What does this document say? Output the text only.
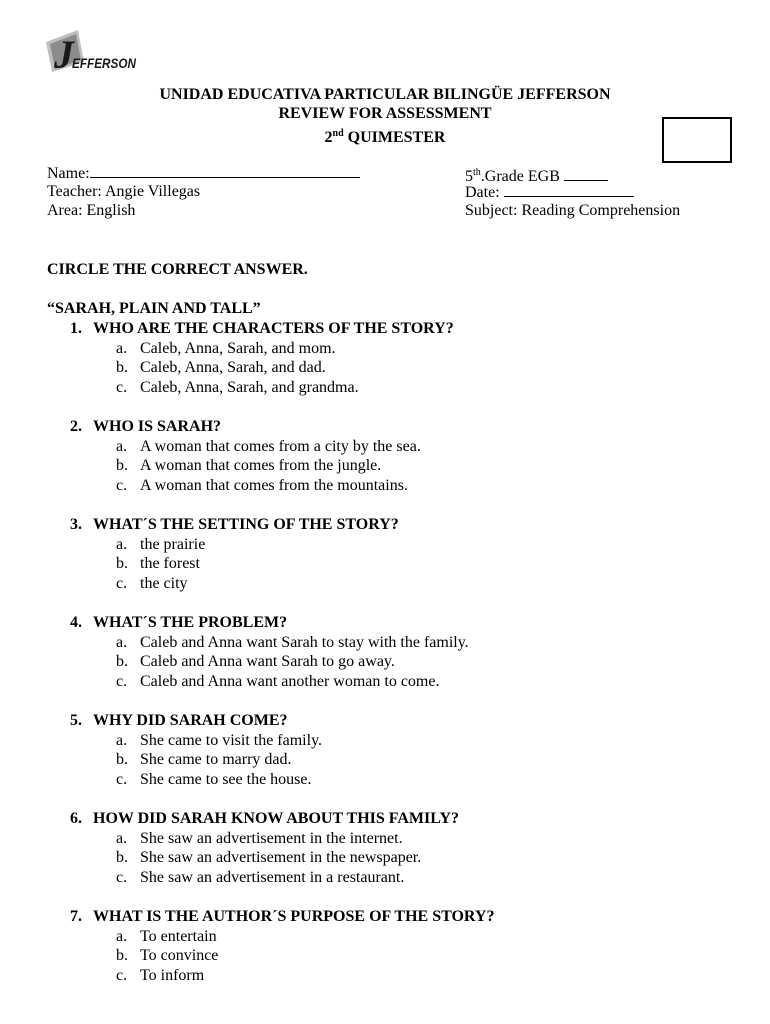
J
EFFERSON
UNIDAD EDUCATIVA PARTICULAR BILINGÜE JEFFERSON
REVIEW FOR ASSESSMENT
2nd QUIMESTER
Name:
Teacher: Angie Villegas
Area: English
5th.Grade EGB
Date:
Subject: Reading Comprehension
CIRCLE THE CORRECT ANSWER.
“SARAH, PLAIN AND TALL”
1. WHO ARE THE CHARACTERS OF THE STORY?
a. Caleb, Anna, Sarah, and mom.
b. Caleb, Anna, Sarah, and dad.
c. Caleb, Anna, Sarah, and grandma.
2. WHO IS SARAH?
a. A woman that comes from a city by the sea.
b. A woman that comes from the jungle.
c. A woman that comes from the mountains.
3. WHAT´S THE SETTING OF THE STORY?
a. the prairie
b. the forest
c. the city
4. WHAT´S THE PROBLEM?
a. Caleb and Anna want Sarah to stay with the family.
b. Caleb and Anna want Sarah to go away.
c. Caleb and Anna want another woman to come.
5. WHY DID SARAH COME?
a. She came to visit the family.
b. She came to marry dad.
c. She came to see the house.
6. HOW DID SARAH KNOW ABOUT THIS FAMILY?
a. She saw an advertisement in the internet.
b. She saw an advertisement in the newspaper.
c. She saw an advertisement in a restaurant.
7. WHAT IS THE AUTHOR´S PURPOSE OF THE STORY?
a. To entertain
b. To convince
c. To inform
